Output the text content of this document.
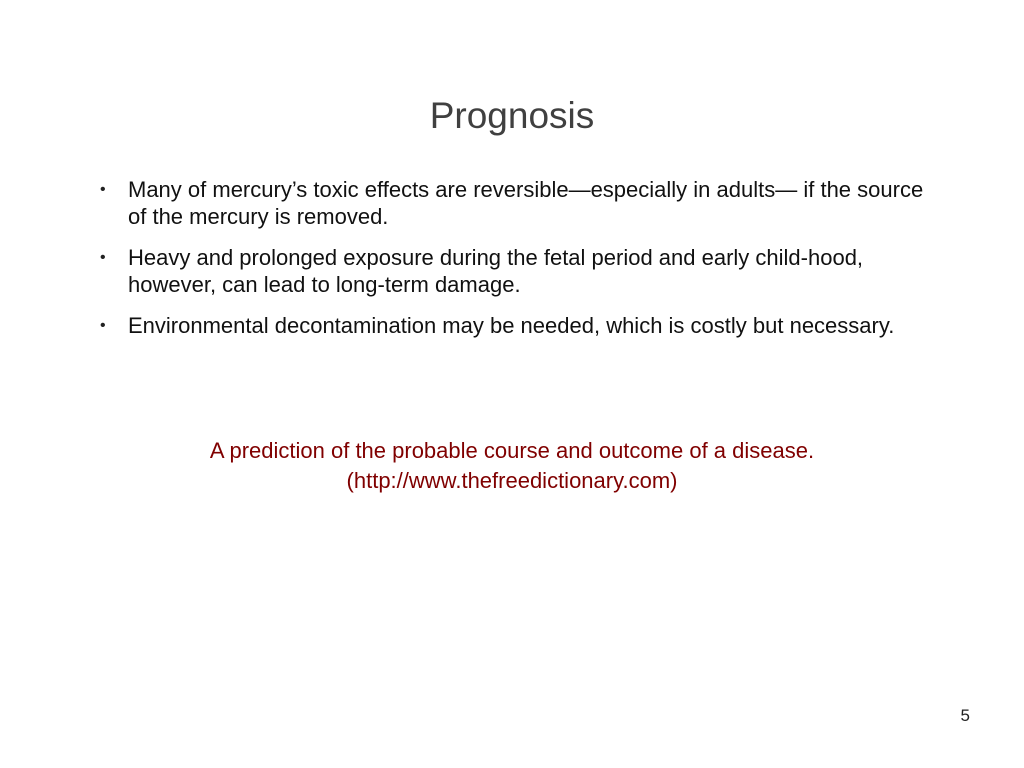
Prognosis
• Many of mercury’s toxic effects are reversible—especially in adults— if the source of the mercury is removed.
• Heavy and prolonged exposure during the fetal period and early child-hood, however, can lead to long-term damage.
• Environmental decontamination may be needed, which is costly but necessary.
A prediction of the probable course and outcome of a disease.
(http://www.thefreedictionary.com)
5
